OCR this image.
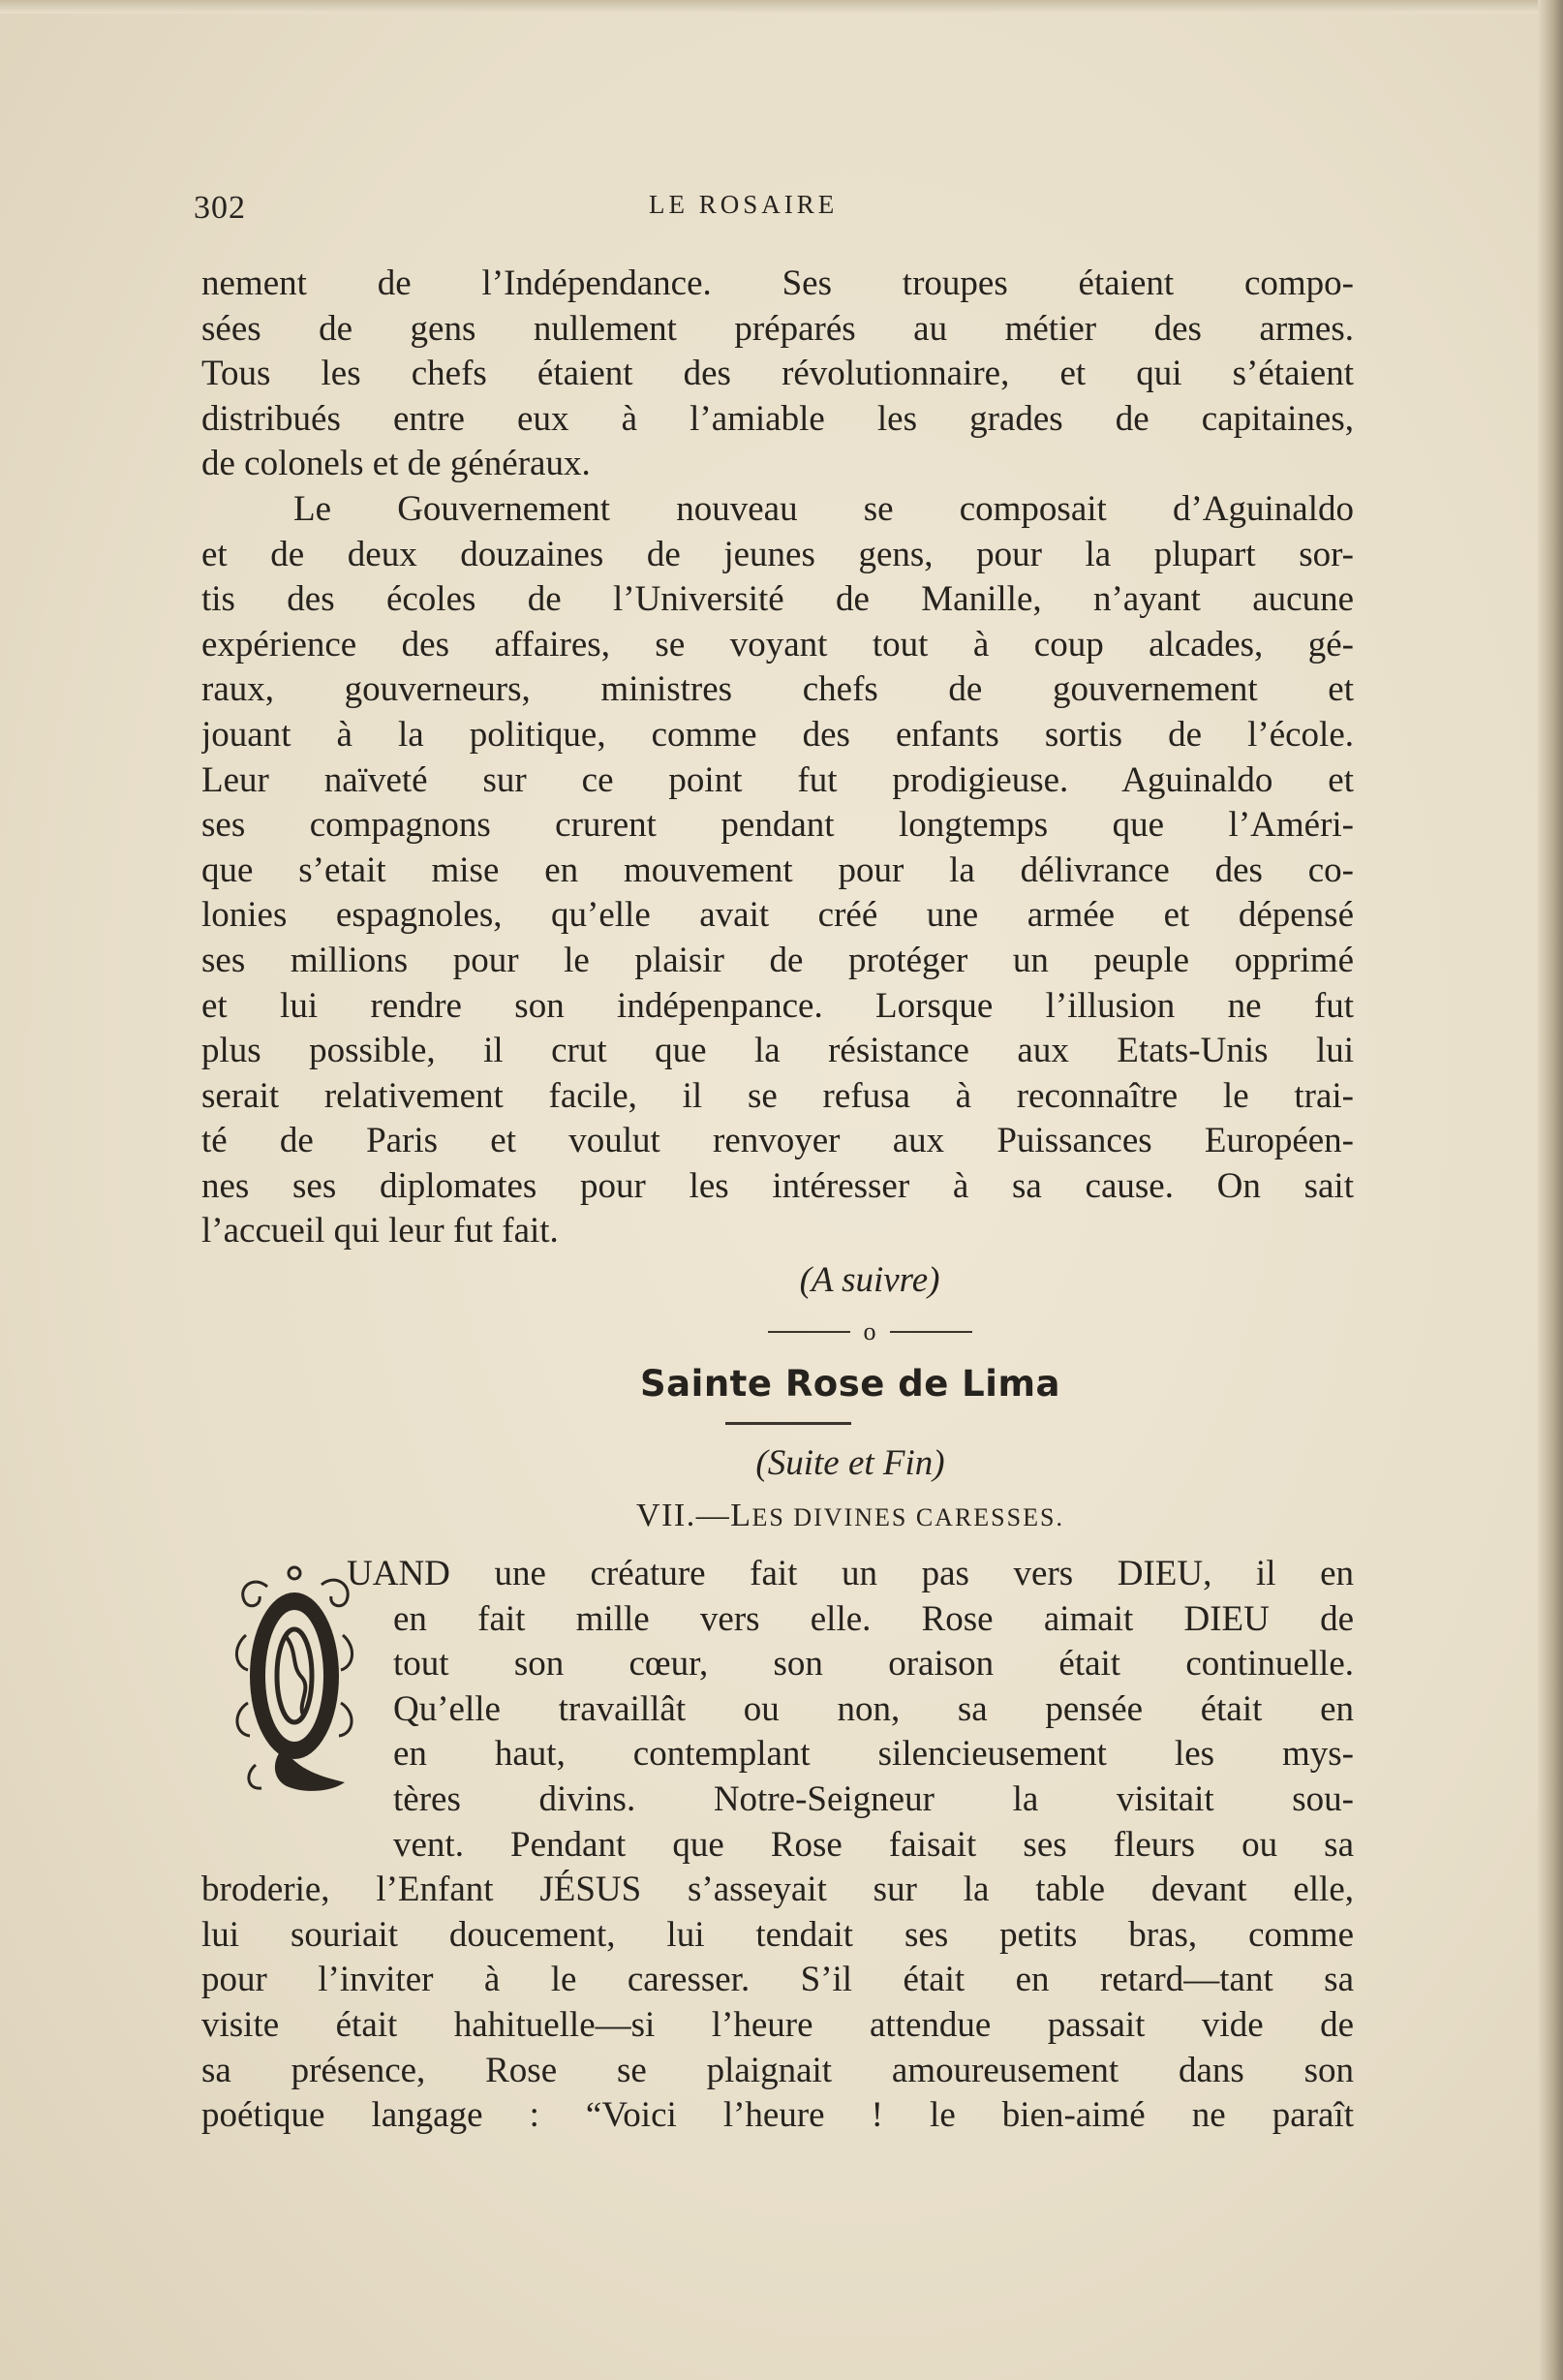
302	LE ROSAIRE
nement de l’Indépendance. Ses troupes étaient compo-
sées de gens nullement préparés au métier des armes.
Tous les chefs étaient des révolutionnaire, et qui s’étaient
distribués entre eux à l’amiable les grades de capitaines,
de colonels et de généraux.
Le Gouvernement nouveau se composait d’Aguinaldo
et de deux douzaines de jeunes gens, pour la plupart sor-
tis des écoles de l’Université de Manille, n’ayant aucune
expérience des affaires, se voyant tout à coup alcades, gé-
raux, gouverneurs, ministres chefs de gouvernement et
jouant à la politique, comme des enfants sortis de l’école.
Leur naïveté sur ce point fut prodigieuse. Aguinaldo et
ses compagnons crurent pendant longtemps que l’Améri-
que s’etait mise en mouvement pour la délivrance des co-
lonies espagnoles, qu’elle avait créé une armée et dépensé
ses millions pour le plaisir de protéger un peuple opprimé
et lui rendre son indépenpance. Lorsque l’illusion ne fut
plus possible, il crut que la résistance aux Etats-Unis lui
serait relativement facile, il se refusa à reconnaître le trai-
té de Paris et voulut renvoyer aux Puissances Européen-
nes ses diplomates pour les intéresser à sa cause. On sait
l’accueil qui leur fut fait.
(A suivre)
o
Sainte Rose de Lima
(Suite et Fin)
VII.—LES DIVINES CARESSES.
UAND une créature fait un pas vers DIEU, il en
en fait mille vers elle. Rose aimait DIEU de
tout son cœur, son oraison était continuelle.
Qu’elle travaillât ou non, sa pensée était en
en haut, contemplant silencieusement les mys-
tères divins. Notre-Seigneur la visitait sou-
vent. Pendant que Rose faisait ses fleurs ou sa
broderie, l’Enfant JÉSUS s’asseyait sur la table devant elle,
lui souriait doucement, lui tendait ses petits bras, comme
pour l’inviter à le caresser. S’il était en retard—tant sa
visite était hahituelle—si l’heure attendue passait vide de
sa présence, Rose se plaignait amoureusement dans son
poétique langage : “Voici l’heure ! le bien-aimé ne paraît
